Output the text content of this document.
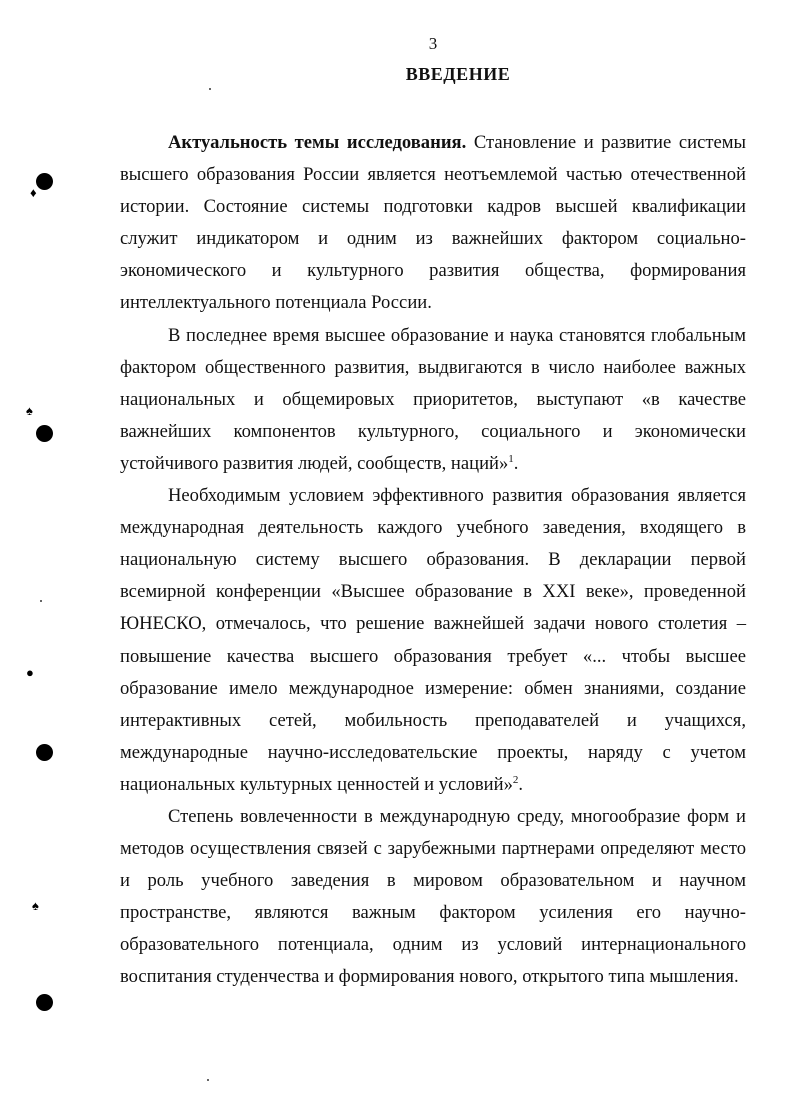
♦
♠
●
♠
3
ВВЕДЕНИЕ

Актуальность темы исследования. Становление и развитие системы высшего образования России является неотъемлемой частью отечественной истории. Состояние системы подготовки кадров высшей квалификации служит индикатором и одним из важнейших фактором социально-экономического и культурного развития общества, формирования интеллектуального потенциала России.

В последнее время высшее образование и наука становятся глобальным фактором общественного развития, выдвигаются в число наиболее важных национальных и общемировых приоритетов, выступают «в качестве важнейших компонентов культурного, социального и экономически устойчивого развития людей, сообществ, наций»$^1$.

Необходимым условием эффективного развития образования является международная деятельность каждого учебного заведения, входящего в национальную систему высшего образования. В декларации первой всемирной конференции «Высшее образование в XXI веке», проведенной ЮНЕСКО, отмечалось, что решение важнейшей задачи нового столетия – повышение качества высшего образования требует «... чтобы высшее образование имело международное измерение: обмен знаниями, создание интерактивных сетей, мобильность преподавателей и учащихся, международные научно-исследовательские проекты, наряду с учетом национальных культурных ценностей и условий»$^2$.

Степень вовлеченности в международную среду, многообразие форм и методов осуществления связей с зарубежными партнерами определяют место и роль учебного заведения в мировом образовательном и научном пространстве, являются важным фактором усиления его научно-образовательного потенциала, одним из условий интернационального воспитания студенчества и формирования нового, открытого типа мышления.
